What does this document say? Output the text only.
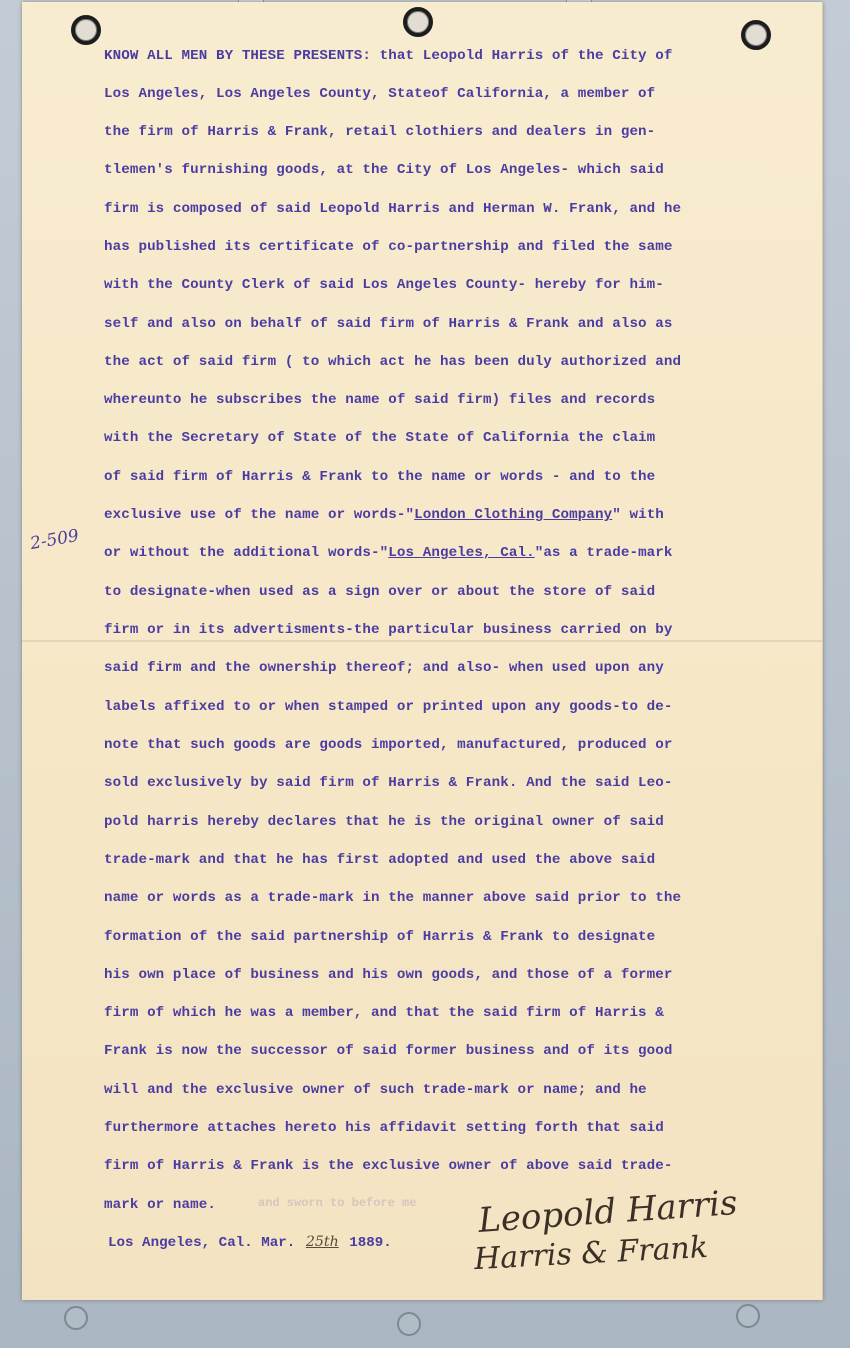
2-509
KNOW ALL MEN BY THESE PRESENTS: that Leopold Harris of the City of
Los Angeles, Los Angeles County, Stateof California, a member of
the firm of Harris & Frank, retail clothiers and dealers in gen-
tlemen's furnishing goods, at the City of Los Angeles- which said
firm is composed of said Leopold Harris and Herman W. Frank, and he
has published its certificate of co-partnership and filed the same
with the County Clerk of said Los Angeles County- hereby for him-
self and also on behalf of said firm of Harris & Frank and also as
the act of said firm ( to which act he has been duly authorized and
whereunto he subscribes the name of said firm) files and records
with the Secretary of State of the State of California the claim
of said firm of Harris & Frank to the name or words - and to the
exclusive use of the name or words-"London Clothing Company" with
or without the additional words-"Los Angeles, Cal."as a trade-mark
to designate-when used as a sign over or about the store of said
firm or in its advertisments-the particular business carried on by
said firm and the ownership thereof; and also- when used upon any
labels affixed to or when stamped or printed upon any goods-to de-
note that such goods are goods imported, manufactured, produced or
sold exclusively by said firm of Harris & Frank. And the said Leo-
pold harris hereby declares that he is the original owner of said
trade-mark and that he has first adopted and used the above said
name or words as a trade-mark in the manner above said prior to the
formation of the said partnership of Harris & Frank to designate
his own place of business and his own goods, and those of a former
firm of which he was a member, and that the said firm of Harris &
Frank is now the successor of said former business and of its good
will and the exclusive owner of such trade-mark or name; and he
furthermore attaches hereto his affidavit setting forth that said
firm of Harris & Frank is the exclusive owner of above said trade-
mark or name.	and sworn to before me
Los Angeles, Cal. Mar. 25th 1889.
Leopold Harris
Harris & Frank
